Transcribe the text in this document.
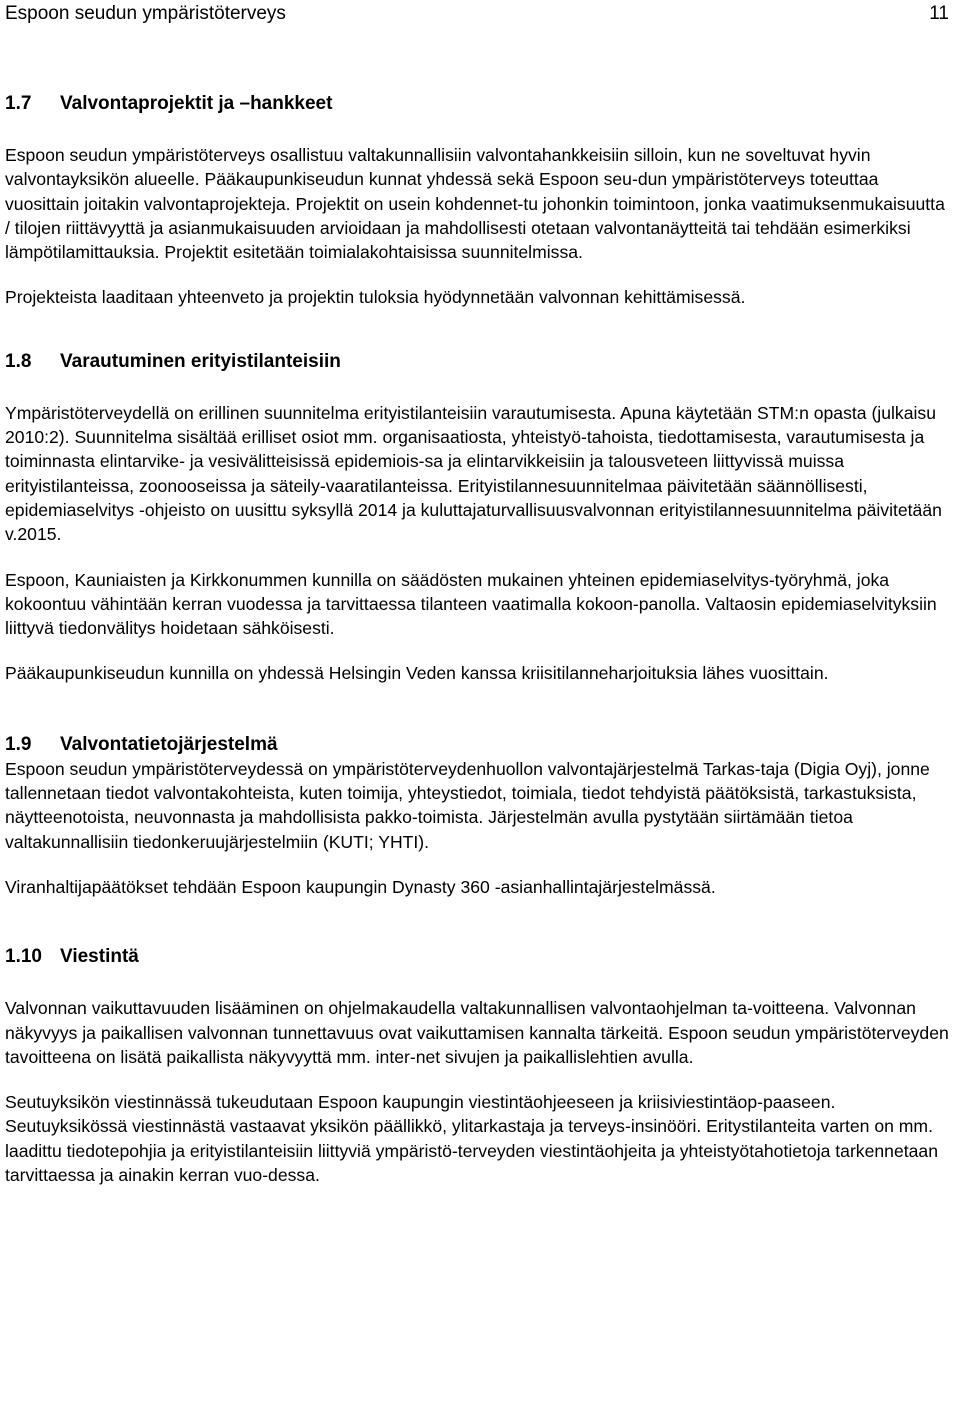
Espoon seudun ympäristöterveys	11
1.7 Valvontaprojektit ja –hankkeet

Espoon seudun ympäristöterveys osallistuu valtakunnallisiin valvontahankkeisiin silloin, kun ne soveltuvat hyvin valvontayksikön alueelle. Pääkaupunkiseudun kunnat yhdessä sekä Espoon seu-dun ympäristöterveys toteuttaa vuosittain joitakin valvontaprojekteja. Projektit on usein kohdennet-tu johonkin toimintoon, jonka vaatimuksenmukaisuutta / tilojen riittävyyttä ja asianmukaisuuden arvioidaan ja mahdollisesti otetaan valvontanäytteitä tai tehdään esimerkiksi lämpötilamittauksia. Projektit esitetään toimialakohtaisissa suunnitelmissa.

Projekteista laaditaan yhteenveto ja projektin tuloksia hyödynnetään valvonnan kehittämisessä.

1.8 Varautuminen erityistilanteisiin

Ympäristöterveydellä on erillinen suunnitelma erityistilanteisiin varautumisesta. Apuna käytetään STM:n opasta (julkaisu 2010:2). Suunnitelma sisältää erilliset osiot mm. organisaatiosta, yhteistyö-tahoista, tiedottamisesta, varautumisesta ja toiminnasta elintarvike- ja vesivälitteisissä epidemiois-sa ja elintarvikkeisiin ja talousveteen liittyvissä muissa erityistilanteissa, zoonooseissa ja säteily-vaaratilanteissa. Erityistilannesuunnitelmaa päivitetään säännöllisesti, epidemiaselvitys -ohjeisto on uusittu syksyllä 2014 ja kuluttajaturvallisuusvalvonnan erityistilannesuunnitelma päivitetään v.2015.

Espoon, Kauniaisten ja Kirkkonummen kunnilla on säädösten mukainen yhteinen epidemiaselvitys-työryhmä, joka kokoontuu vähintään kerran vuodessa ja tarvittaessa tilanteen vaatimalla kokoon-panolla. Valtaosin epidemiaselvityksiin liittyvä tiedonvälitys hoidetaan sähköisesti.

Pääkaupunkiseudun kunnilla on yhdessä Helsingin Veden kanssa kriisitilanneharjoituksia lähes vuosittain.

1.9 Valvontatietojärjestelmä

Espoon seudun ympäristöterveydessä on ympäristöterveydenhuollon valvontajärjestelmä Tarkas-taja (Digia Oyj), jonne tallennetaan tiedot valvontakohteista, kuten toimija, yhteystiedot, toimiala, tiedot tehdyistä päätöksistä, tarkastuksista, näytteenotoista, neuvonnasta ja mahdollisista pakko-toimista. Järjestelmän avulla pystytään siirtämään tietoa valtakunnallisiin tiedonkeruujärjestelmiin (KUTI; YHTI).

Viranhaltijapäätökset tehdään Espoon kaupungin Dynasty 360 -asianhallintajärjestelmässä.

1.10 Viestintä

Valvonnan vaikuttavuuden lisääminen on ohjelmakaudella valtakunnallisen valvontaohjelman ta-voitteena. Valvonnan näkyvyys ja paikallisen valvonnan tunnettavuus ovat vaikuttamisen kannalta tärkeitä. Espoon seudun ympäristöterveyden tavoitteena on lisätä paikallista näkyvyyttä mm. inter-net sivujen ja paikallislehtien avulla.

Seutuyksikön viestinnässä tukeudutaan Espoon kaupungin viestintäohjeeseen ja kriisiviestintäop-paaseen. Seutuyksikössä viestinnästä vastaavat yksikön päällikkö, ylitarkastaja ja terveys-insinööri. Eritystilanteita varten on mm. laadittu tiedotepohjia ja erityistilanteisiin liittyviä ympäristö-terveyden viestintäohjeita ja yhteistyötahotietoja tarkennetaan tarvittaessa ja ainakin kerran vuo-dessa.
